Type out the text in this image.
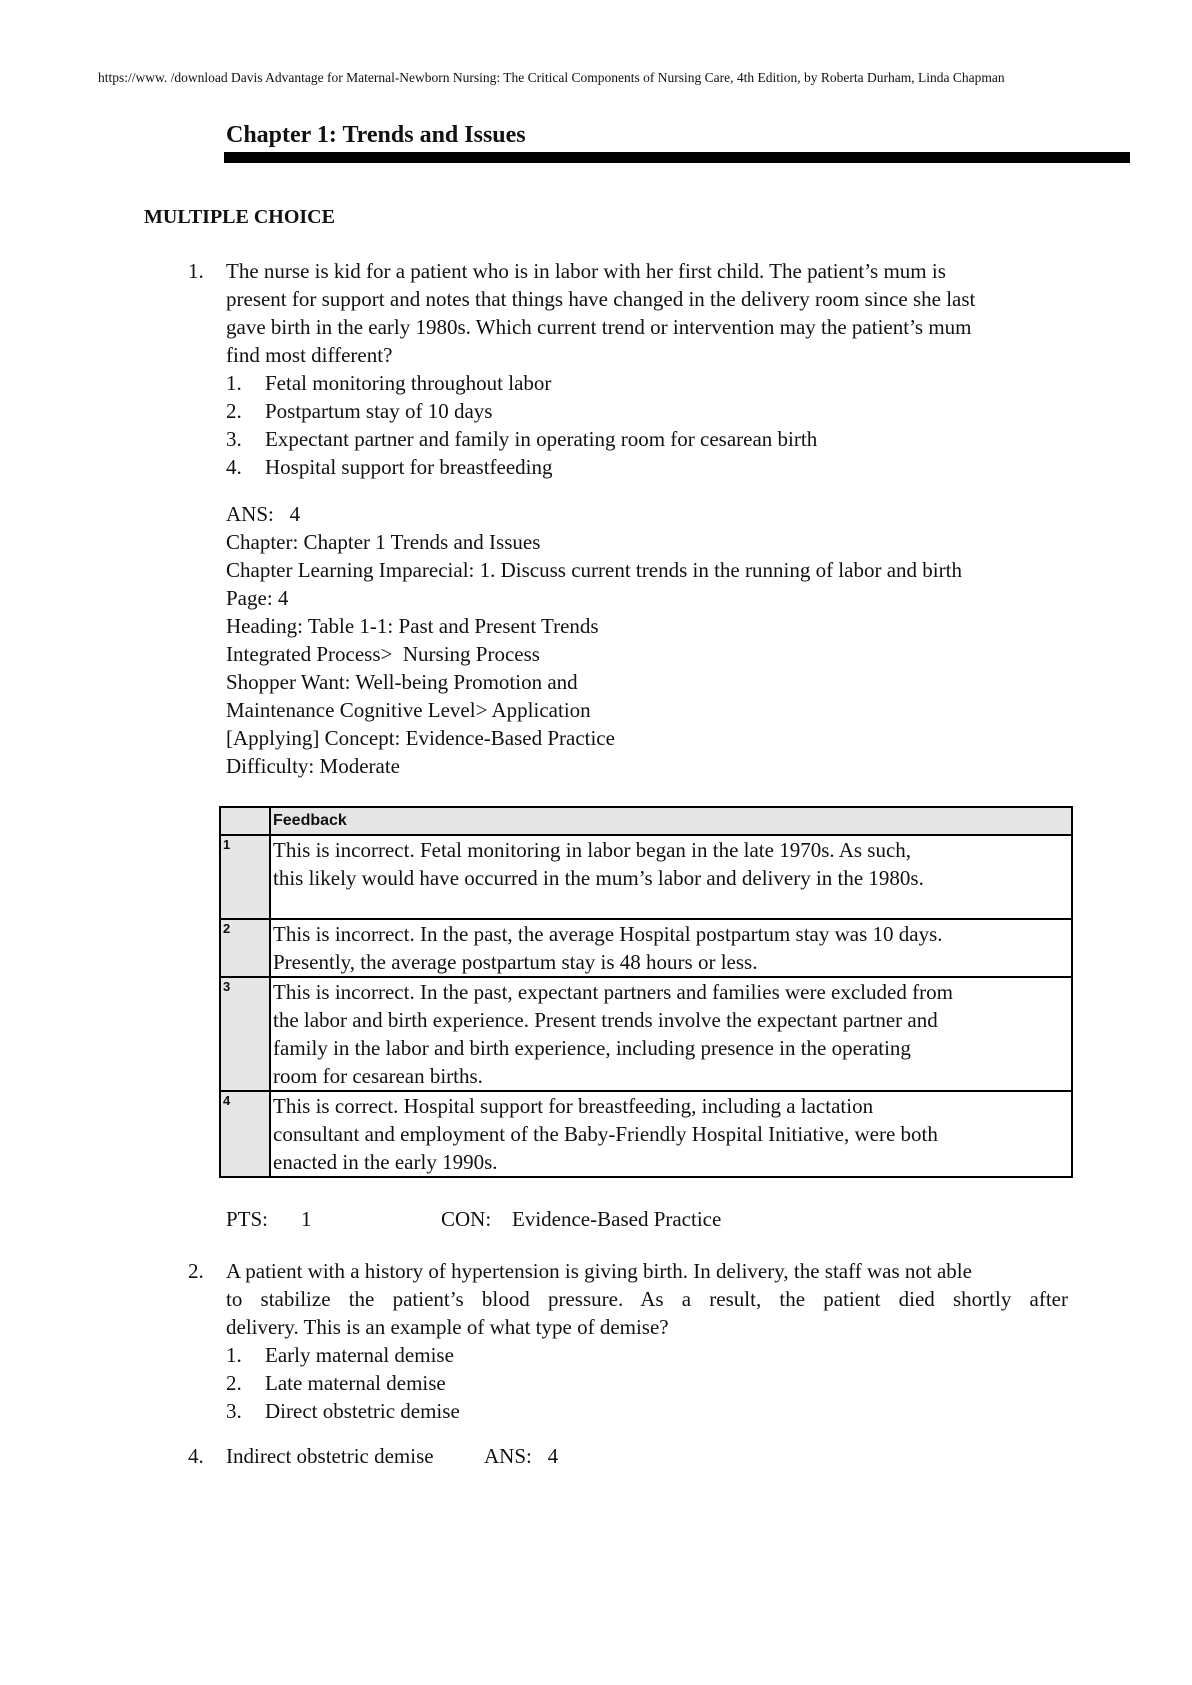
https://www. /download Davis Advantage for Maternal-Newborn Nursing: The Critical Components of Nursing Care, 4th Edition, by Roberta Durham, Linda Chapman
Chapter 1: Trends and Issues
MULTIPLE CHOICE
1. The nurse is kid for a patient who is in labor with her first child. The patient’s mum is
present for support and notes that things have changed in the delivery room since she last
gave birth in the early 1980s. Which current trend or intervention may the patient’s mum
find most different?
1. Fetal monitoring throughout labor
2. Postpartum stay of 10 days
3. Expectant partner and family in operating room for cesarean birth
4. Hospital support for breastfeeding
ANS:   4
Chapter: Chapter 1 Trends and Issues
Chapter Learning Imparecial: 1. Discuss current trends in the running of labor and birth
Page: 4
Heading: Table 1-1: Past and Present Trends
Integrated Process>  Nursing Process
Shopper Want: Well-being Promotion and
Maintenance Cognitive Level> Application
[Applying] Concept: Evidence-Based Practice
Difficulty: Moderate
	Feedback
1	This is incorrect. Fetal monitoring in labor began in the late 1970s. As such,
this likely would have occurred in the mum’s labor and delivery in the 1980s.

2	This is incorrect. In the past, the average Hospital postpartum stay was 10 days.
Presently, the average postpartum stay is 48 hours or less.

3	This is incorrect. In the past, expectant partners and families were excluded from
the labor and birth experience. Present trends involve the expectant partner and
family in the labor and birth experience, including presence in the operating
room for cesarean births.

4	This is correct. Hospital support for breastfeeding, including a lactation
consultant and employment of the Baby-Friendly Hospital Initiative, were both
enacted in the early 1990s.
PTS: 1	CON: Evidence-Based Practice
2. A patient with a history of hypertension is giving birth. In delivery, the staff was not able
to stabilize the patient’s blood pressure. As a result, the patient died shortly after
delivery. This is an example of what type of demise?
1. Early maternal demise
2. Late maternal demise
3. Direct obstetric demise
4. Indirect obstetric demise ANS:   4
